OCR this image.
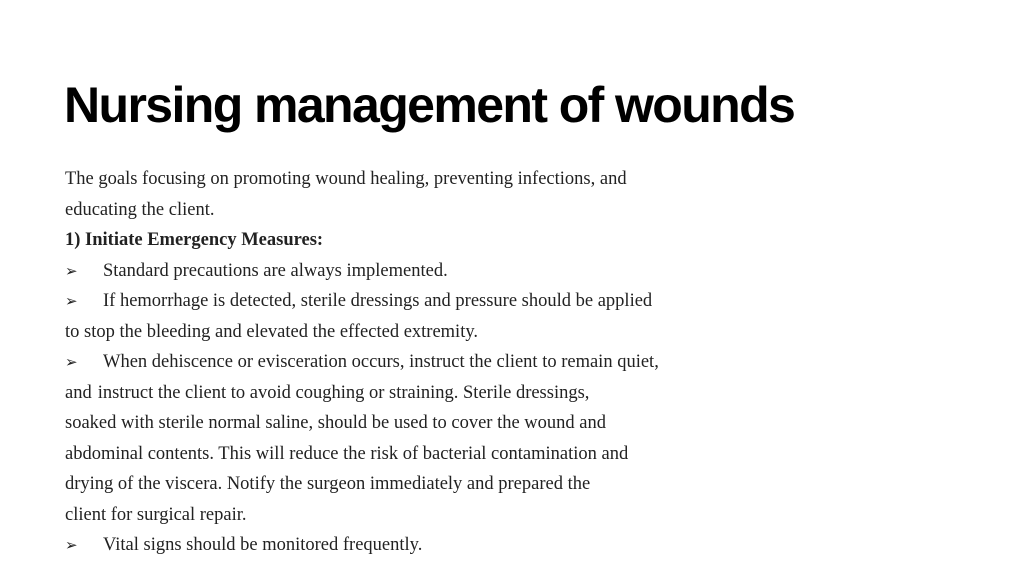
Nursing management of wounds
The goals focusing on promoting wound healing, preventing infections, and
educating the client.
1) Initiate Emergency Measures:
➢ Standard precautions are always implemented.
➢ If hemorrhage is detected, sterile dressings and pressure should be applied
to stop the bleeding and elevated the effected extremity.
➢ When dehiscence or evisceration occurs, instruct the client to remain quiet,
and instruct the client to avoid coughing or straining. Sterile dressings,
soaked with sterile normal saline, should be used to cover the wound and
abdominal contents. This will reduce the risk of bacterial contamination and
drying of the viscera. Notify the surgeon immediately and prepared the
client for surgical repair.
➢ Vital signs should be monitored frequently.
